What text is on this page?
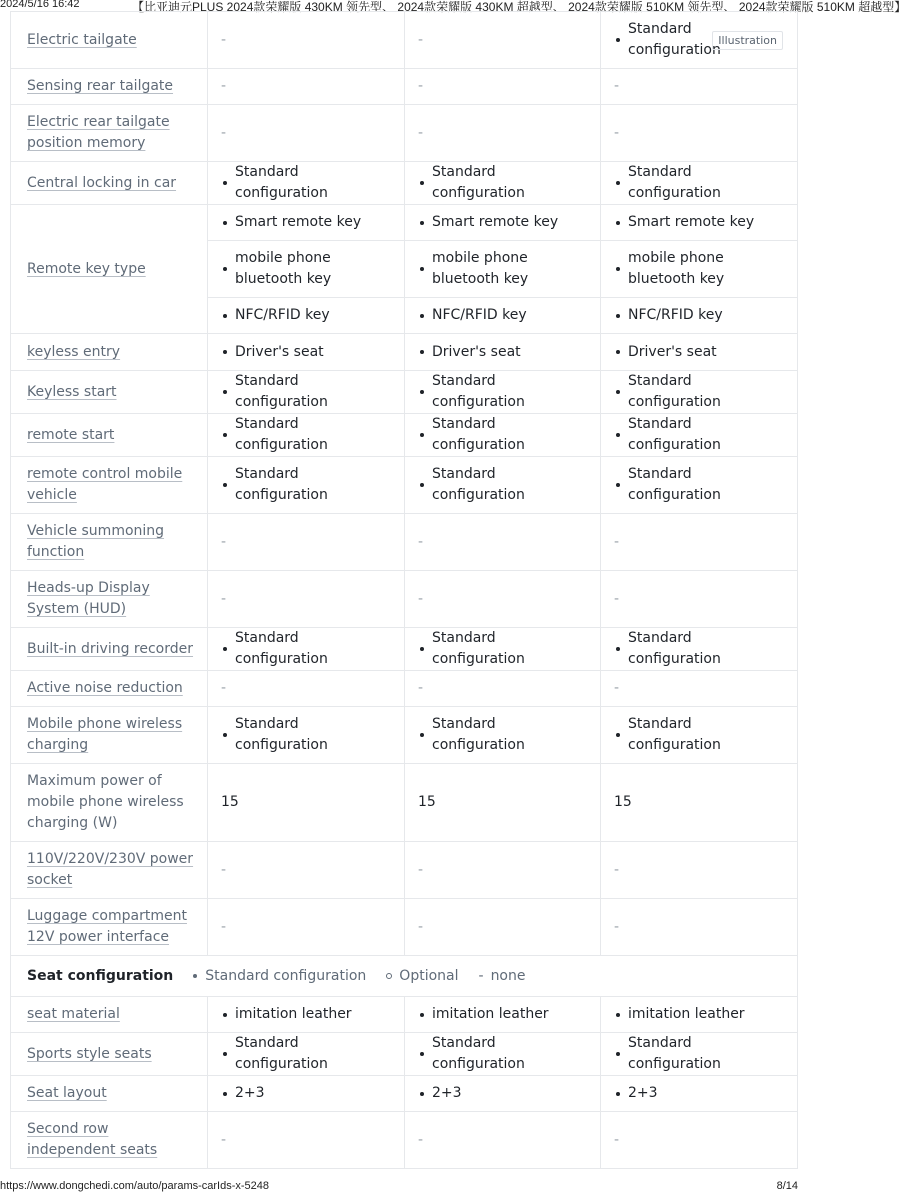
2024/5/16 16:42	【比亚迪元PLUS 2024款荣耀版 430KM 领先型、 2024款荣耀版 430KM 超越型、 2024款荣耀版 510KM 领先型、 2024款荣耀版 510KM 超越型】
Electric tailgate	-	-	Standard configuration
Illustration

Sensing rear tailgate	-	-	-
Electric rear tailgate position memory	-	-	-
Central locking in car	Standard configuration	Standard configuration	Standard configuration

Remote key type	Smart remote key	Smart remote key	Smart remote key

	mobile phone bluetooth key	mobile phone bluetooth key	mobile phone bluetooth key

	NFC/RFID key	NFC/RFID key	NFC/RFID key

keyless entry	Driver's seat	Driver's seat	Driver's seat

Keyless start	Standard configuration	Standard configuration	Standard configuration

remote start	Standard configuration	Standard configuration	Standard configuration

remote control mobile vehicle	Standard configuration	Standard configuration	Standard configuration

Vehicle summoning function	-	-	-
Heads-up Display System (HUD)	-	-	-
Built-in driving recorder	Standard configuration	Standard configuration	Standard configuration

Active noise reduction	-	-	-
Mobile phone wireless charging	Standard configuration	Standard configuration	Standard configuration

Maximum power of mobile phone wireless charging (W)	15	15	15
110V/220V/230V power socket	-	-	-
Luggage compartment 12V power interface	-	-	-

Seat configuration Standard configuration Optional - none			

seat material	imitation leather	imitation leather	imitation leather

Sports style seats	Standard configuration	Standard configuration	Standard configuration

Seat layout	2+3	2+3	2+3

Second row independent seats	-	-	-
https://www.dongchedi.com/auto/params-carIds-x-5248	8/14
